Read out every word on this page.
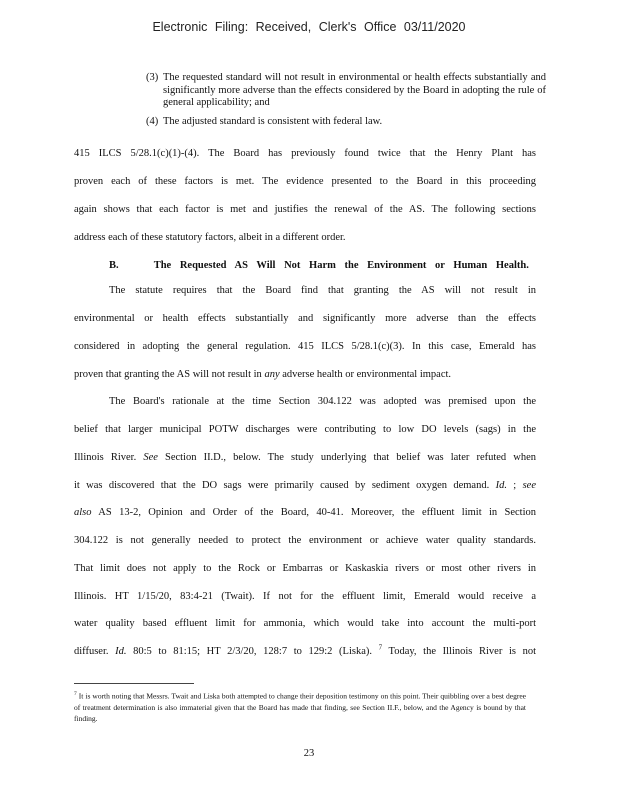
Electronic Filing: Received, Clerk's Office 03/11/2020
(3) The requested standard will not result in environmental or health effects substantially and significantly more adverse than the effects considered by the Board in adopting the rule of general applicability; and
(4) The adjusted standard is consistent with federal law.
415 ILCS 5/28.1(c)(1)-(4). The Board has previously found twice that the Henry Plant has
proven each of these factors is met. The evidence presented to the Board in this proceeding
again shows that each factor is met and justifies the renewal of the AS. The following sections
address each of these statutory factors, albeit in a different order.
B.	The Requested AS Will Not Harm the Environment or Human Health.
The statute requires that the Board find that granting the AS will not result in
environmental or health effects substantially and significantly more adverse than the effects
considered in adopting the general regulation. 415 ILCS 5/28.1(c)(3). In this case, Emerald has
proven that granting the AS will not result in any adverse health or environmental impact.
The Board's rationale at the time Section 304.122 was adopted was premised upon the
belief that larger municipal POTW discharges were contributing to low DO levels (sags) in the
Illinois River. See Section II.D., below. The study underlying that belief was later refuted when
it was discovered that the DO sags were primarily caused by sediment oxygen demand. Id. ; see
also AS 13-2, Opinion and Order of the Board, 40-41. Moreover, the effluent limit in Section
304.122 is not generally needed to protect the environment or achieve water quality standards.
That limit does not apply to the Rock or Embarras or Kaskaskia rivers or most other rivers in
Illinois. HT 1/15/20, 83:4-21 (Twait). If not for the effluent limit, Emerald would receive a
water quality based effluent limit for ammonia, which would take into account the multi-port
diffuser. Id. 80:5 to 81:15; HT 2/3/20, 128:7 to 129:2 (Liska). $^7$ Today, the Illinois River is not
$^7$ It is worth noting that Messrs. Twait and Liska both attempted to change their deposition testimony on this point. Their quibbling over a best degree of treatment determination is also immaterial given that the Board has made that finding, see Section II.F., below, and the Agency is bound by that finding.
23
